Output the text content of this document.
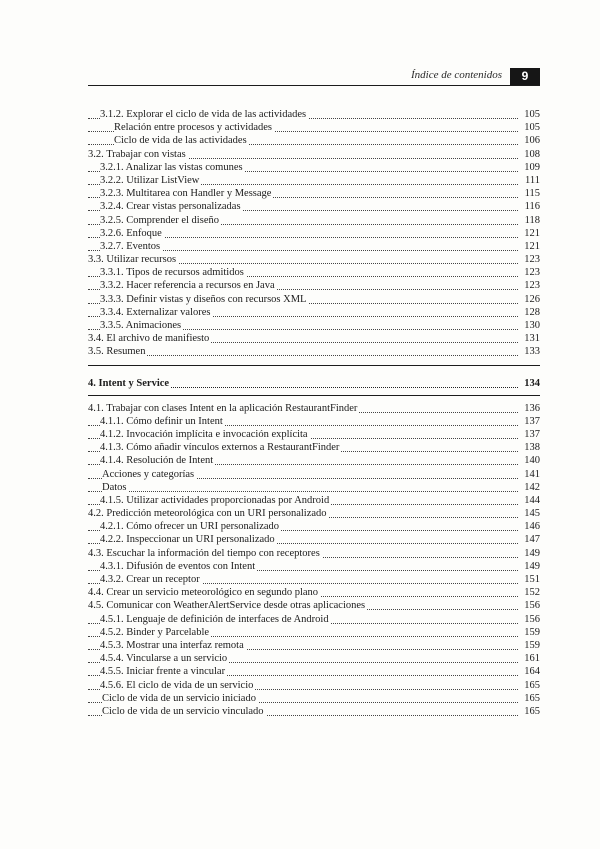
Índice de contenidos	9
3.1.2. Explorar el ciclo de vida de las actividades	105
Relación entre procesos y actividades	105
Ciclo de vida de las actividades	106
3.2. Trabajar con vistas	108
3.2.1. Analizar las vistas comunes	109
3.2.2. Utilizar ListView	111
3.2.3. Multitarea con Handler y Message	115
3.2.4. Crear vistas personalizadas	116
3.2.5. Comprender el diseño	118
3.2.6. Enfoque	121
3.2.7. Eventos	121
3.3. Utilizar recursos	123
3.3.1. Tipos de recursos admitidos	123
3.3.2. Hacer referencia a recursos en Java	123
3.3.3. Definir vistas y diseños con recursos XML	126
3.3.4. Externalizar valores	128
3.3.5. Animaciones	130
3.4. El archivo de manifiesto	131
3.5. Resumen	133
4. Intent y Service	134
4.1. Trabajar con clases Intent en la aplicación RestaurantFinder	136
4.1.1. Cómo definir un Intent	137
4.1.2. Invocación implícita e invocación explícita	137
4.1.3. Cómo añadir vínculos externos a RestaurantFinder	138
4.1.4. Resolución de Intent	140
Acciones y categorías	141
Datos	142
4.1.5. Utilizar actividades proporcionadas por Android	144
4.2. Predicción meteorológica con un URI personalizado	145
4.2.1. Cómo ofrecer un URI personalizado	146
4.2.2. Inspeccionar un URI personalizado	147
4.3. Escuchar la información del tiempo con receptores	149
4.3.1. Difusión de eventos con Intent	149
4.3.2. Crear un receptor	151
4.4. Crear un servicio meteorológico en segundo plano	152
4.5. Comunicar con WeatherAlertService desde otras aplicaciones	156
4.5.1. Lenguaje de definición de interfaces de Android	156
4.5.2. Binder y Parcelable	159
4.5.3. Mostrar una interfaz remota	159
4.5.4. Vincularse a un servicio	161
4.5.5. Iniciar frente a vincular	164
4.5.6. El ciclo de vida de un servicio	165
Ciclo de vida de un servicio iniciado	165
Ciclo de vida de un servicio vinculado	165
